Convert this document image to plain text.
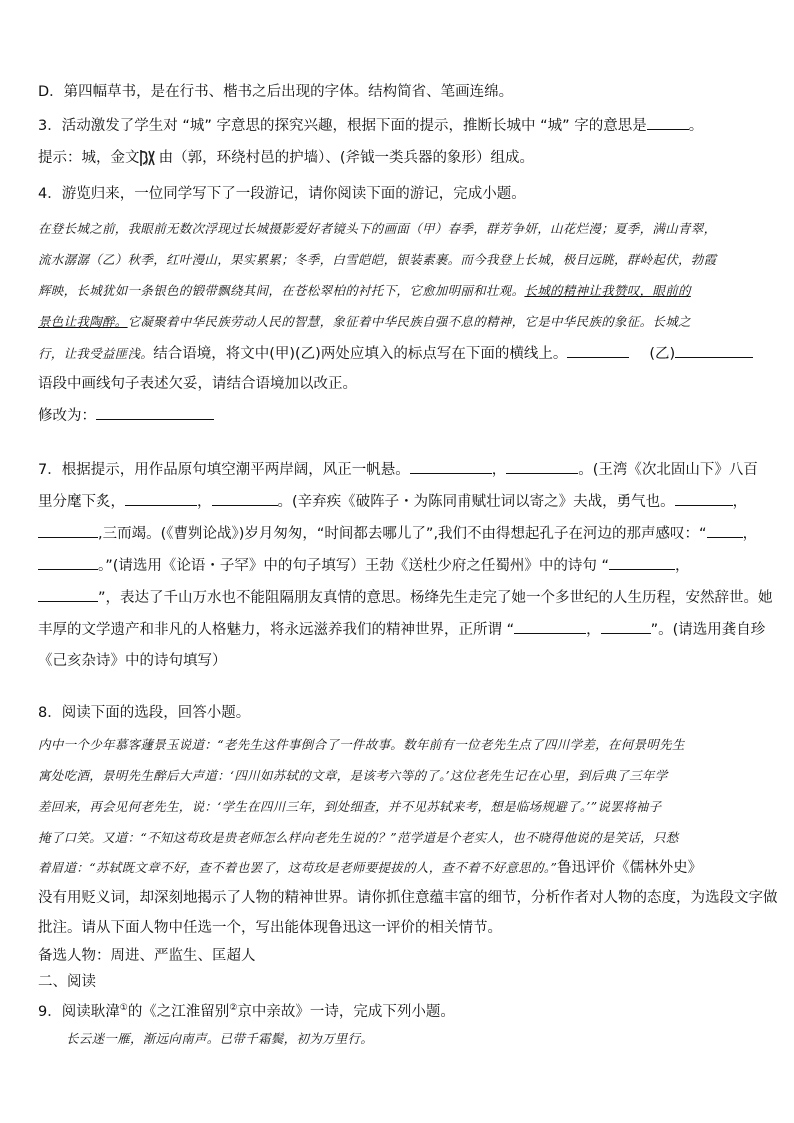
D．第四幅草书，是在行书、楷书之后出现的字体。结构简省、笔画连绵。
3．活动激发了学生对 “城” 字意思的探究兴趣，根据下面的提示，推断长城中 “城” 字的意思是	。
提示：城，金文 ，由（郭，环绕村邑的护墙）、(斧钺一类兵器的象形）组成。
4．游览归来，一位同学写下了一段游记，请你阅读下面的游记，完成小题。
在登长城之前，我眼前无数次浮现过长城摄影爱好者镜头下的画面（甲）春季，群芳争妍，山花烂漫；夏季，满山青翠，
流水潺潺（乙）秋季，红叶漫山，果实累累；冬季，白雪皑皑，银装素裹。而今我登上长城，极目远眺，群岭起伏，勃霞
辉映，长城犹如一条银色的锻带飘绕其间，在苍松翠柏的衬托下，它愈加明丽和壮观。长城的精神让我赞叹，眼前的
景色让我陶醉。它凝聚着中华民族劳动人民的智慧，象征着中华民族自强不息的精神，它是中华民族的象征。长城之
行，让我受益匪浅。结合语境，将文中(甲)(乙)两处应填入的标点写在下面的横线上。	(乙)
语段中画线句子表述欠妥，请结合语境加以改正。
修改为：
7．根据提示，用作品原句填空潮平两岸阔，风正一帆悬。	，	。(王湾《次北固山下》八百
里分麾下炙，	，	。(辛弃疾《破阵子・为陈同甫赋壮词以寄之》夫战，勇气也。	，
,三而竭。(《曹刿论战》)岁月匆匆，“时间都去哪儿了”,我们不由得想起孔子在河边的那声感叹：“ ，
。”(请选用《论语・子罕》中的句子填写）王勃《送杜少府之任蜀州》中的诗句 “	，
”，表达了千山万水也不能阻隔朋友真情的意思。杨绛先生走完了她一个多世纪的人生历程，安然辞世。她
丰厚的文学遗产和非凡的人格魅力，将永远滋养我们的精神世界，正所谓 “	，	”。(请选用龚自珍
《己亥杂诗》中的诗句填写）
8．阅读下面的选段，回答小题。
内中一个少年慕客蘧景玉说道：“老先生这件事倒合了一件故事。数年前有一位老先生点了四川学差，在何景明先生
寓处吃酒，景明先生醉后大声道：‘四川如苏轼的文章，是该考六等的了。’这位老先生记在心里，到后典了三年学
差回来，再会见何老先生，说：‘学生在四川三年，到处细查，并不见苏轼来考，想是临场规避了。’”说罢将袖子
掩了口笑。又道：“不知这苟玫是贵老师怎么样向老先生说的？”范学道是个老实人，也不晓得他说的是笑话，只愁
着眉道：“苏轼既文章不好，查不着也罢了，这苟玫是老师要提拔的人，查不着不好意思的。”鲁迅评价《儒林外史》
没有用贬义词，却深刻地揭示了人物的精神世界。请你抓住意蕴丰富的细节，分析作者对人物的态度，为选段文字做
批注。请从下面人物中任选一个，写出能体现鲁迅这一评价的相关情节。
备选人物：周进、严监生、匡超人
二、阅读
9．阅读耿湋①的《之江淮留别②京中亲故》一诗，完成下列小题。
长云迷一雁，渐远向南声。已带千霜鬓，初为万里行。
